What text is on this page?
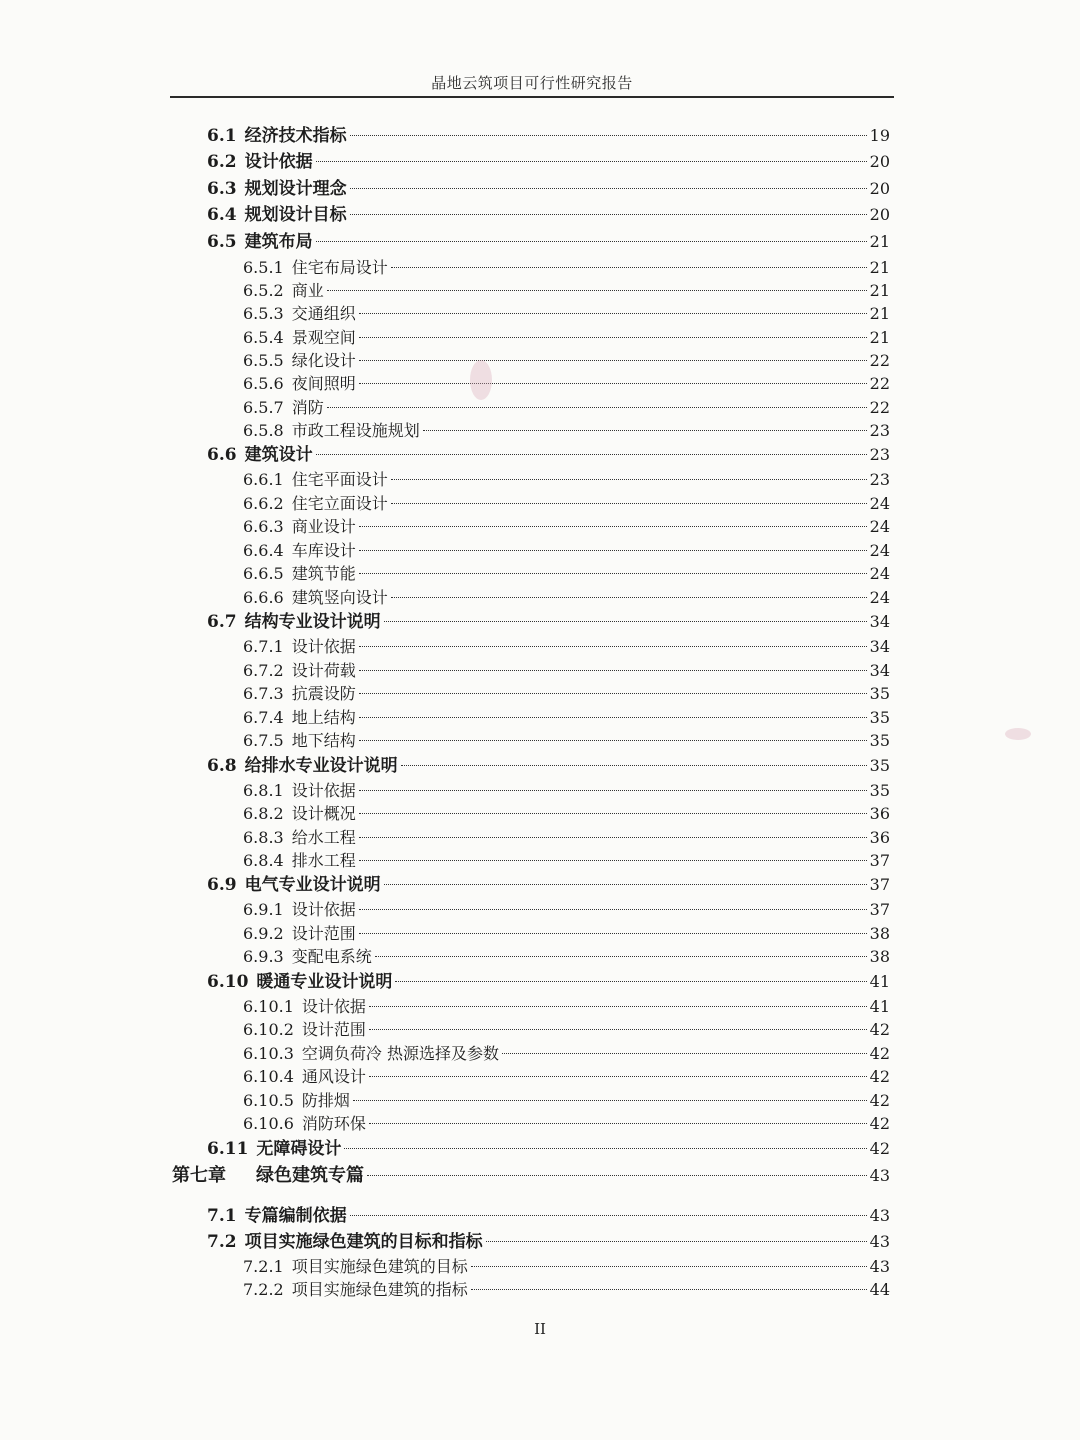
晶地云筑项目可行性研究报告
6.1 经济技术指标	19
6.2 设计依据	20
6.3 规划设计理念	20
6.4 规划设计目标	20
6.5 建筑布局	21
6.5.1 住宅布局设计	21
6.5.2 商业	21
6.5.3 交通组织	21
6.5.4 景观空间	21
6.5.5 绿化设计	22
6.5.6 夜间照明	22
6.5.7 消防	22
6.5.8 市政工程设施规划	23
6.6 建筑设计	23
6.6.1 住宅平面设计	23
6.6.2 住宅立面设计	24
6.6.3 商业设计	24
6.6.4 车库设计	24
6.6.5 建筑节能	24
6.6.6 建筑竖向设计	24
6.7 结构专业设计说明	34
6.7.1 设计依据	34
6.7.2 设计荷载	34
6.7.3 抗震设防	35
6.7.4 地上结构	35
6.7.5 地下结构	35
6.8 给排水专业设计说明	35
6.8.1 设计依据	35
6.8.2 设计概况	36
6.8.3 给水工程	36
6.8.4 排水工程	37
6.9 电气专业设计说明	37
6.9.1 设计依据	37
6.9.2 设计范围	38
6.9.3 变配电系统	38
6.10 暖通专业设计说明	41
6.10.1 设计依据	41
6.10.2 设计范围	42
6.10.3 空调负荷冷 热源选择及参数	42
6.10.4 通风设计	42
6.10.5 防排烟	42
6.10.6 消防环保	42
6.11 无障碍设计	42
第七章 绿色建筑专篇	43
7.1 专篇编制依据	43
7.2 项目实施绿色建筑的目标和指标	43
7.2.1 项目实施绿色建筑的目标	43
7.2.2 项目实施绿色建筑的指标	44
II
